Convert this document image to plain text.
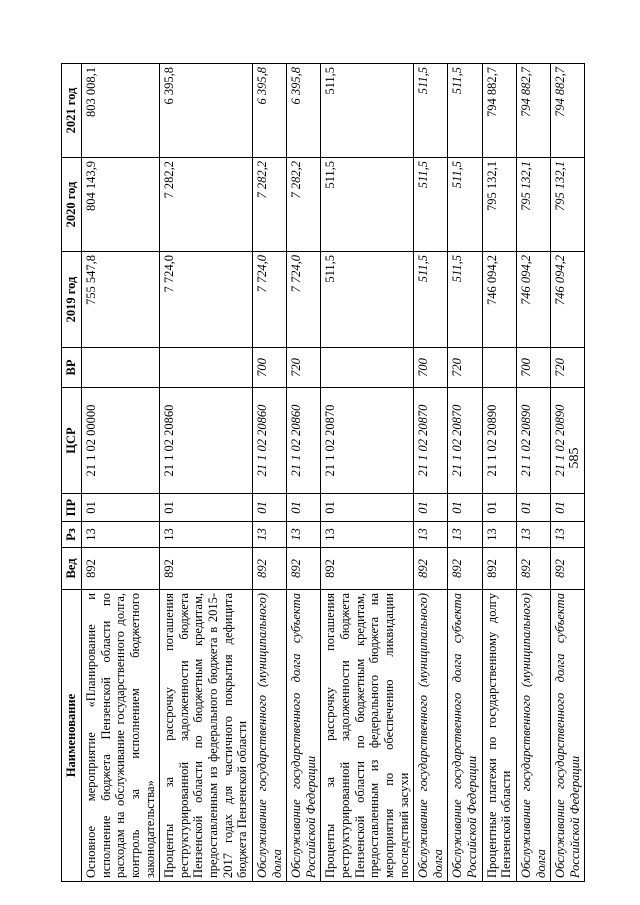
585
Наименование	Вед	Рз	ПР	ЦСР	ВР	2019 год	2020 год	2021 год
Основное мероприятие «Планирование и исполнение бюджета Пензенской области по расходам на обслуживание государственного долга, контроль за исполнением бюджетного законодательства»	892	13	01	21 1 02 00000		755 547,8	804 143,9	803 008,1
Проценты за рассрочку погашения реструктурированной задолженности бюджета Пензенской области по бюджетным кредитам, предоставленным из федерального бюджета в 2015-2017 годах для частичного покрытия дефицита бюджета Пензенской области	892	13	01	21 1 02 20860		7 724,0	7 282,2	6 395,8
Обслуживание государственного (муниципального) долга	892	13	01	21 1 02 20860	700	7 724,0	7 282,2	6 395,8
Обслуживание государственного долга субъекта Российской Федерации	892	13	01	21 1 02 20860	720	7 724,0	7 282,2	6 395,8
Проценты за рассрочку погашения реструктурированной задолженности бюджета Пензенской области по бюджетным кредитам, предоставленным из федерального бюджета на мероприятия по обеспечению ликвидации последствий засухи	892	13	01	21 1 02 20870		511,5	511,5	511,5
Обслуживание государственного (муниципального) долга	892	13	01	21 1 02 20870	700	511,5	511,5	511,5
Обслуживание государственного долга субъекта Российской Федерации	892	13	01	21 1 02 20870	720	511,5	511,5	511,5
Процентные платежи по государственному долгу Пензенской области	892	13	01	21 1 02 20890		746 094,2	795 132,1	794 882,7
Обслуживание государственного (муниципального) долга	892	13	01	21 1 02 20890	700	746 094,2	795 132,1	794 882,7
Обслуживание государственного долга субъекта Российской Федерации	892	13	01	21 1 02 20890	720	746 094,2	795 132,1	794 882,7
